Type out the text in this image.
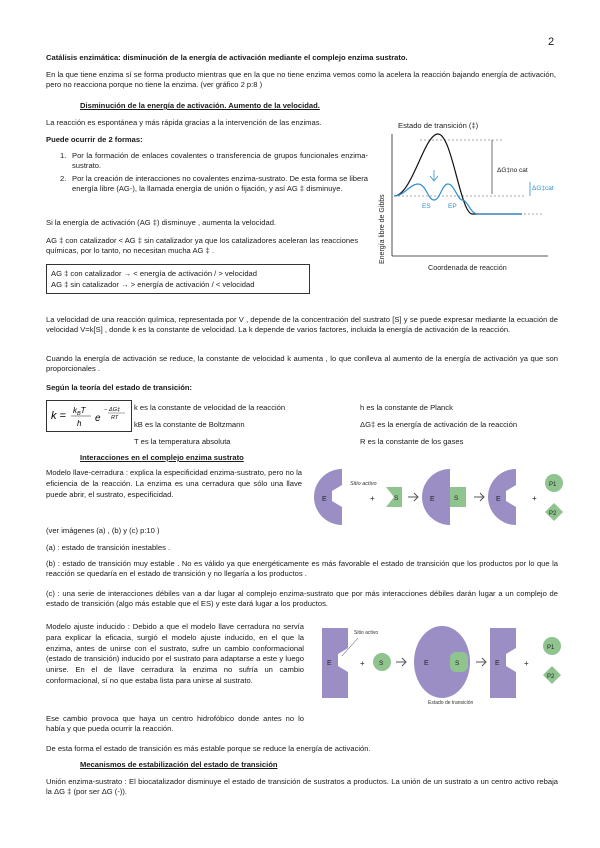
2
Catálisis enzimática: disminución de la energía de activación mediante el complejo enzima sustrato.
En la que tiene enzima sí se forma producto mientras que en la que no tiene enzima vemos como la acelera la reacción bajando energía de activación, pero no reacciona porque no tiene la enzima. (ver gráfico 2 p:8 )
Disminución de la energía de activación. Aumento de la velocidad.
La reacción es espontánea y más rápida gracias a la intervención de las enzimas.
Puede ocurrir de 2 formas:
1. Por la formación de enlaces covalentes o transferencia de grupos funcionales enzima-sustrato.
2. Por la creación de interacciones no covalentes enzima-sustrato. De esta forma se libera energía libre (AG-), la llamada energía de unión o fijación, y así AG ‡ disminuye.
Si la energía de activación (AG ‡) disminuye , aumenta la velocidad.
AG ‡ con catalizador < AG ‡ sin catalizador ya que los catalizadores aceleran las reacciones químicas, por lo tanto, no necesitan mucha AG ‡ .
AG ‡ con catalizador → < energía de activación / > velocidad
AG ‡ sin catalizador → > energía de activación / < velocidad
Estado de transición (‡)
Energía libre de Gibbs
ΔG‡no cat
ΔG‡cat
ES	EP
Coordenada de reacción
La velocidad de una reacción química, representada por V , depende de la concentración del sustrato [S] y se puede expresar mediante la ecuación de velocidad V=k[S] , donde k es la constante de velocidad. La k depende de varios factores, incluida la energía de activación de la reacción.
Cuando la energía de activación se reduce, la constante de velocidad k aumenta , lo que conlleva al aumento de la energía de activación ya que son proporcionales .
Según la teoría del estado de transición:
$k = k_BT$
h e
− ΔG‡
RT
k es la constante de velocidad de la reacción	h es la constante de Planck
kB es la constante de Boltzmann	ΔG‡ es la energía de activación de la reacción
T es la temperatura absoluta	R es la constante de los gases
Interacciones en el complejo enzima sustrato
Modelo llave-cerradura : explica la especificidad enzima-sustrato, pero no la eficiencia de la reacción. La enzima es una cerradura que sólo una llave puede abrir, el sustrato, especificidad.
E
Sitio activo
+	S	E	S	E	+
P1
P2
(ver imágenes (a) , (b) y (c) p:10 )
(a) : estado de transición inestables .
(b) : estado de transición muy estable . No es válido ya que energéticamente es más favorable el estado de transición que los productos por lo que la reacción se quedaría en el estado de transición y no llegaría a los productos .
(c) : una serie de interacciones débiles van a dar lugar al complejo enzima-sustrato que por más interacciones débiles darán lugar a un complejo de estado de transición (algo más estable que el ES) y este dará lugar a los productos.
Modelo ajuste inducido : Debido a que el modelo llave cerradura no servía para explicar la eficacia, surgió el modelo ajuste inducido, en el que la enzima, antes de unirse con el sustrato, sufre un cambio conformacional (estado de transición) inducido por el sustrato para adaptarse a este y luego unirse. En el de llave cerradura la enzima no sufría un cambio conformacional, sí no que estaba lista para unirse al sustrato.
Ese cambio provoca que haya un centro hidrofóbico donde antes no lo había y que pueda ocurrir la reacción.
E
Sitio activo
+ S	E	S
Estado de transición
E	+
P1
P2
De esta forma el estado de transición es más estable porque se reduce la energía de activación.
Mecanismos de estabilización del estado de transición
Unión enzima-sustrato : El biocatalizador disminuye el estado de transición de sustratos a productos. La unión de un sustrato a un centro activo rebaja la ΔG ‡ (por ser ΔG (-)).
